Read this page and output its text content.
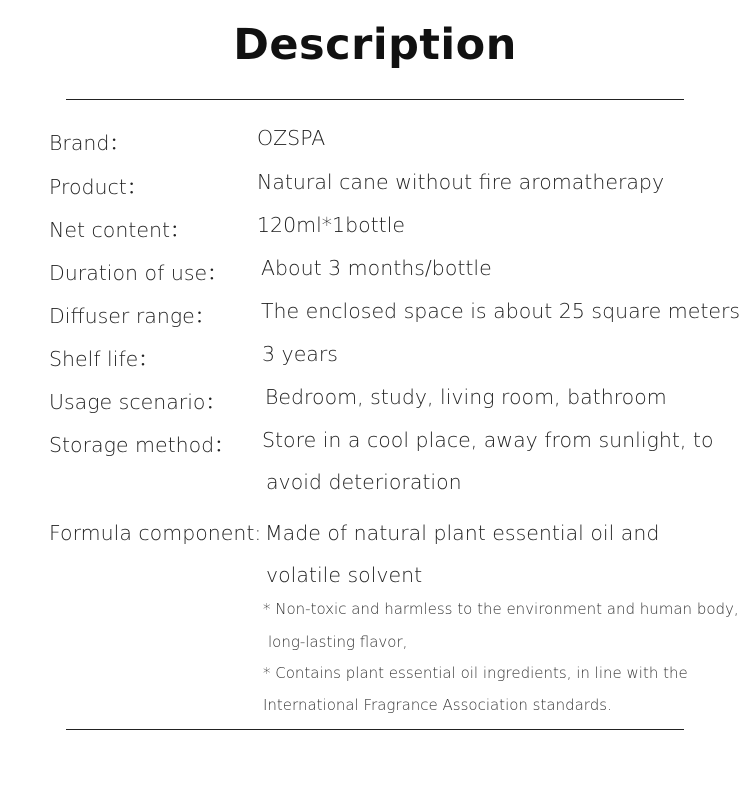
Description
Brand：	OZSPA
Product：	Natural cane without fire aromatherapy
Net content：	120ml*1bottle
Duration of use： About 3 months/bottle
Diffuser range： The enclosed space is about 25 square meters
Shelf life：	3 years
Usage scenario： Bedroom, study, living room, bathroom
Storage method： Store in a cool place, away from sunlight, to
avoid deterioration
Formula component: Made of natural plant essential oil and
volatile solvent
* Non-toxic and harmless to the environment and human body,
long-lasting flavor,
* Contains plant essential oil ingredients, in line with the
International Fragrance Association standards.
